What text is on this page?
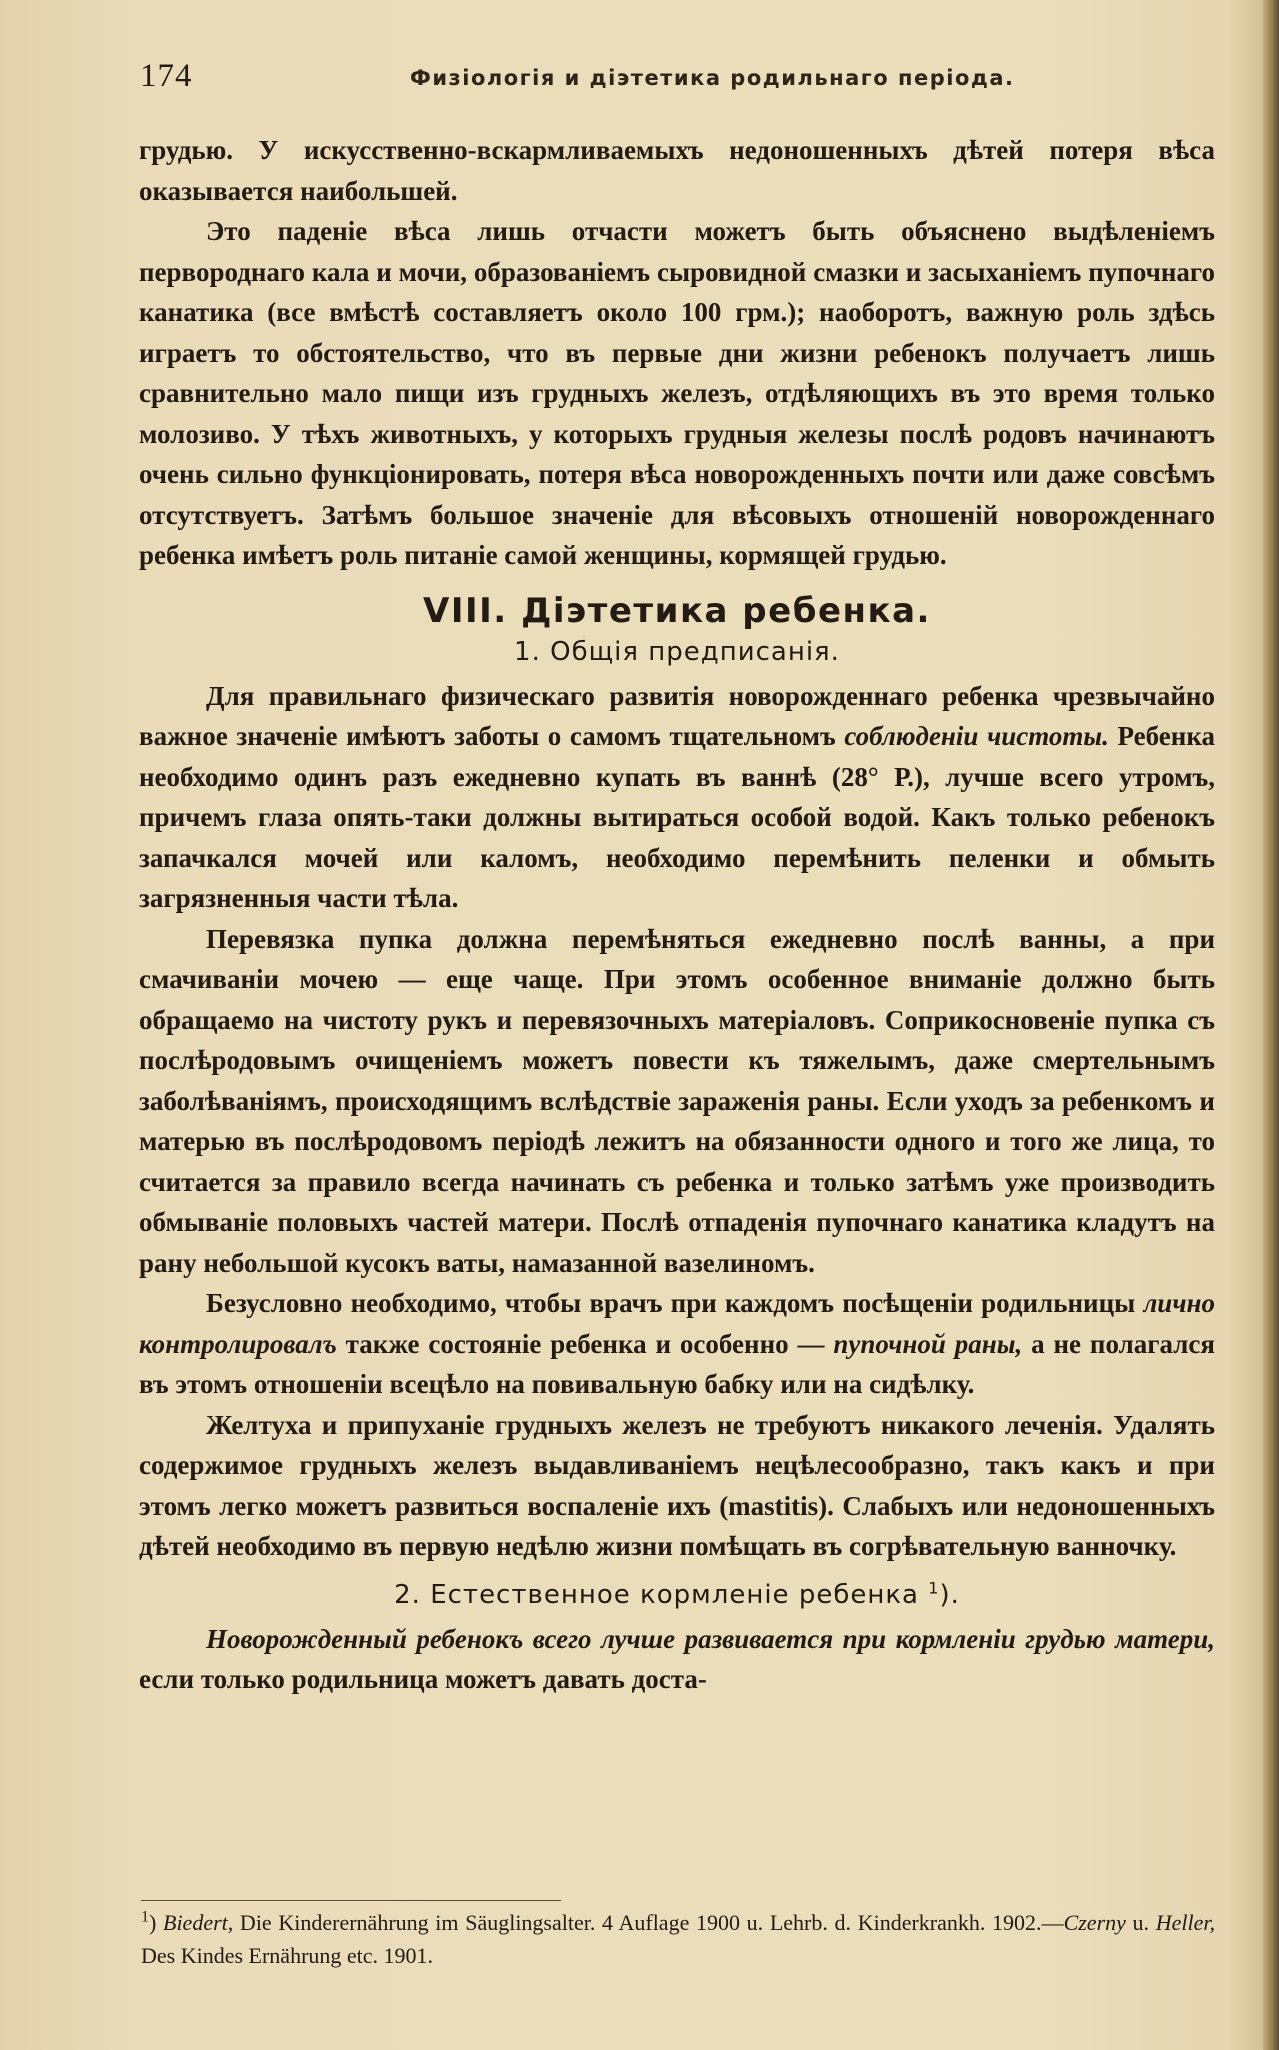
174	Физіологія и діэтетика родильнаго періода.

грудью. У искусственно-вскармливаемыхъ недоношенныхъ дѣтей потеря вѣса оказывается наибольшей.

Это паденіе вѣса лишь отчасти можетъ быть объяснено выдѣленіемъ первороднаго кала и мочи, образованіемъ сыровидной смазки и засыханіемъ пупочнаго канатика (все вмѣстѣ составляетъ около 100 грм.); наоборотъ, важную роль здѣсь играетъ то обстоятельство, что въ первые дни жизни ребенокъ получаетъ лишь сравнительно мало пищи изъ грудныхъ железъ, отдѣляющихъ въ это время только молозиво. У тѣхъ животныхъ, у которыхъ грудныя железы послѣ родовъ начинаютъ очень сильно функціонировать, потеря вѣса новорожденныхъ почти или даже совсѣмъ отсутствуетъ. Затѣмъ большое значеніе для вѣсовыхъ отношеній новорожденнаго ребенка имѣетъ роль питаніе самой женщины, кормящей грудью.

VIII. Діэтетика ребенка.

1. Общія предписанія.

Для правильнаго физическаго развитія новорожденнаго ребенка чрезвычайно важное значеніе имѣютъ заботы о самомъ тщательномъ соблюденіи чистоты. Ребенка необходимо одинъ разъ ежедневно купать въ ваннѣ (28° Р.), лучше всего утромъ, причемъ глаза опять-таки должны вытираться особой водой. Какъ только ребенокъ запачкался мочей или каломъ, необходимо перемѣнить пеленки и обмыть загрязненныя части тѣла.

Перевязка пупка должна перемѣняться ежедневно послѣ ванны, а при смачиваніи мочею — еще чаще. При этомъ особенное вниманіе должно быть обращаемо на чистоту рукъ и перевязочныхъ матеріаловъ. Соприкосновеніе пупка съ послѣродовымъ очищеніемъ можетъ повести къ тяжелымъ, даже смертельнымъ заболѣваніямъ, происходящимъ вслѣдствіе зараженія раны. Если уходъ за ребенкомъ и матерью въ послѣродовомъ періодѣ лежитъ на обязанности одного и того же лица, то считается за правило всегда начинать съ ребенка и только затѣмъ уже производить обмываніе половыхъ частей матери. Послѣ отпаденія пупочнаго канатика кладутъ на рану небольшой кусокъ ваты, намазанной вазелиномъ.

Безусловно необходимо, чтобы врачъ при каждомъ посѣщеніи родильницы лично контролировалъ также состояніе ребенка и особенно — пупочной раны, а не полагался въ этомъ отношеніи всецѣло на повивальную бабку или на сидѣлку.

Желтуха и припуханіе грудныхъ железъ не требуютъ никакого леченія. Удалять содержимое грудныхъ железъ выдавливаніемъ нецѣлесообразно, такъ какъ и при этомъ легко можетъ развиться воспаленіе ихъ (mastitis). Слабыхъ или недоношенныхъ дѣтей необходимо въ первую недѣлю жизни помѣщать въ согрѣвательную ванночку.

2. Естественное кормленіе ребенка $^1$).

Новорожденный ребенокъ всего лучше развивается при кормленіи грудью матери, если только родильница можетъ давать доста-

$^1$) Biedert, Die Kinderernährung im Säuglingsalter. 4 Auflage 1900 u. Lehrb. d. Kinderkrankh. 1902.—Czerny u. Heller, Des Kindes Ernährung etc. 1901.
